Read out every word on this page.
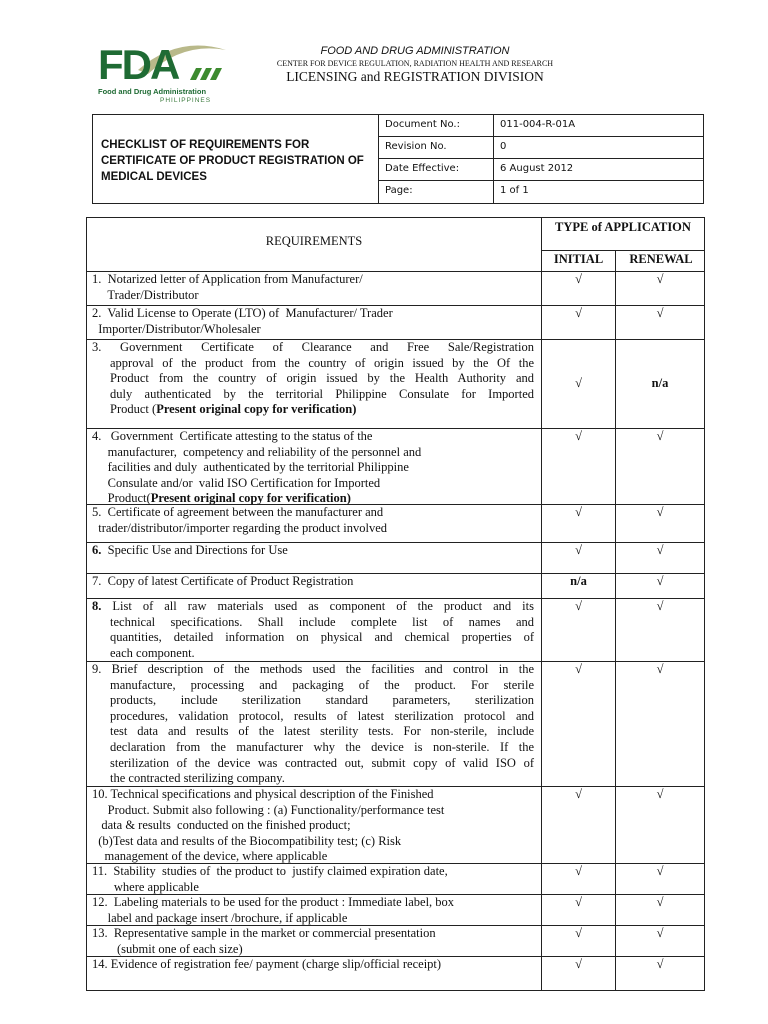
FDA
Food and Drug Administration
PHILIPPINES
FOOD AND DRUG ADMINISTRATION
CENTER FOR DEVICE REGULATION, RADIATION HEALTH AND RESEARCH
LICENSING and REGISTRATION DIVISION
CHECKLIST OF REQUIREMENTS FOR CERTIFICATE OF PRODUCT REGISTRATION OF MEDICAL DEVICES
Document No.:	011-004-R-01A
Revision No.	0
Date Effective:	6 August 2012
Page:	1 of 1
REQUIREMENTS
TYPE of APPLICATION
INITIAL	RENEWAL
1.  Notarized letter of Application from Manufacturer/
Trader/Distributor
√	√
2.  Valid License to Operate (LTO) of  Manufacturer/ Trader
Importer/Distributor/Wholesaler
√	√
3. Government Certificate of Clearance and Free Sale/Registration
approval of the product from the country of origin issued by the Of the
Product from the country of origin issued by the Health Authority and
duly authenticated by the territorial Philippine Consulate for Imported
Product (Present original copy for verification)
√	n/a
4.   Government  Certificate attesting to the status of the
manufacturer,  competency and reliability of the personnel and
facilities and duly  authenticated by the territorial Philippine
Consulate and/or  valid ISO Certification for Imported
Product(Present original copy for verification)
√	√
5.  Certificate of agreement between the manufacturer and
trader/distributor/importer regarding the product involved
√	√
6.  Specific Use and Directions for Use	√	√
7.  Copy of latest Certificate of Product Registration	n/a	√
8. List of all raw materials used as component of the product and its
technical specifications. Shall include complete list of names and
quantities, detailed information on physical and chemical properties of
each component.
√	√
9. Brief description of the methods used the facilities and control in the
manufacture, processing and packaging of the product. For sterile
products, include sterilization standard parameters, sterilization
procedures, validation protocol, results of latest sterilization protocol and
test data and results of the latest sterility tests. For non-sterile, include
declaration from the manufacturer why the device is non-sterile. If the
sterilization of the device was contracted out, submit copy of valid ISO of
the contracted sterilizing company.
√	√
10. Technical specifications and physical description of the Finished
Product. Submit also following : (a) Functionality/performance test
data & results  conducted on the finished product;
(b)Test data and results of the Biocompatibility test; (c) Risk
management of the device, where applicable
√	√
11.  Stability  studies of  the product to  justify claimed expiration date,
where applicable
√	√
12.  Labeling materials to be used for the product : Immediate label, box
label and package insert /brochure, if applicable
√	√
13.  Representative sample in the market or commercial presentation
(submit one of each size)
√	√
14. Evidence of registration fee/ payment (charge slip/official receipt)	√	√
